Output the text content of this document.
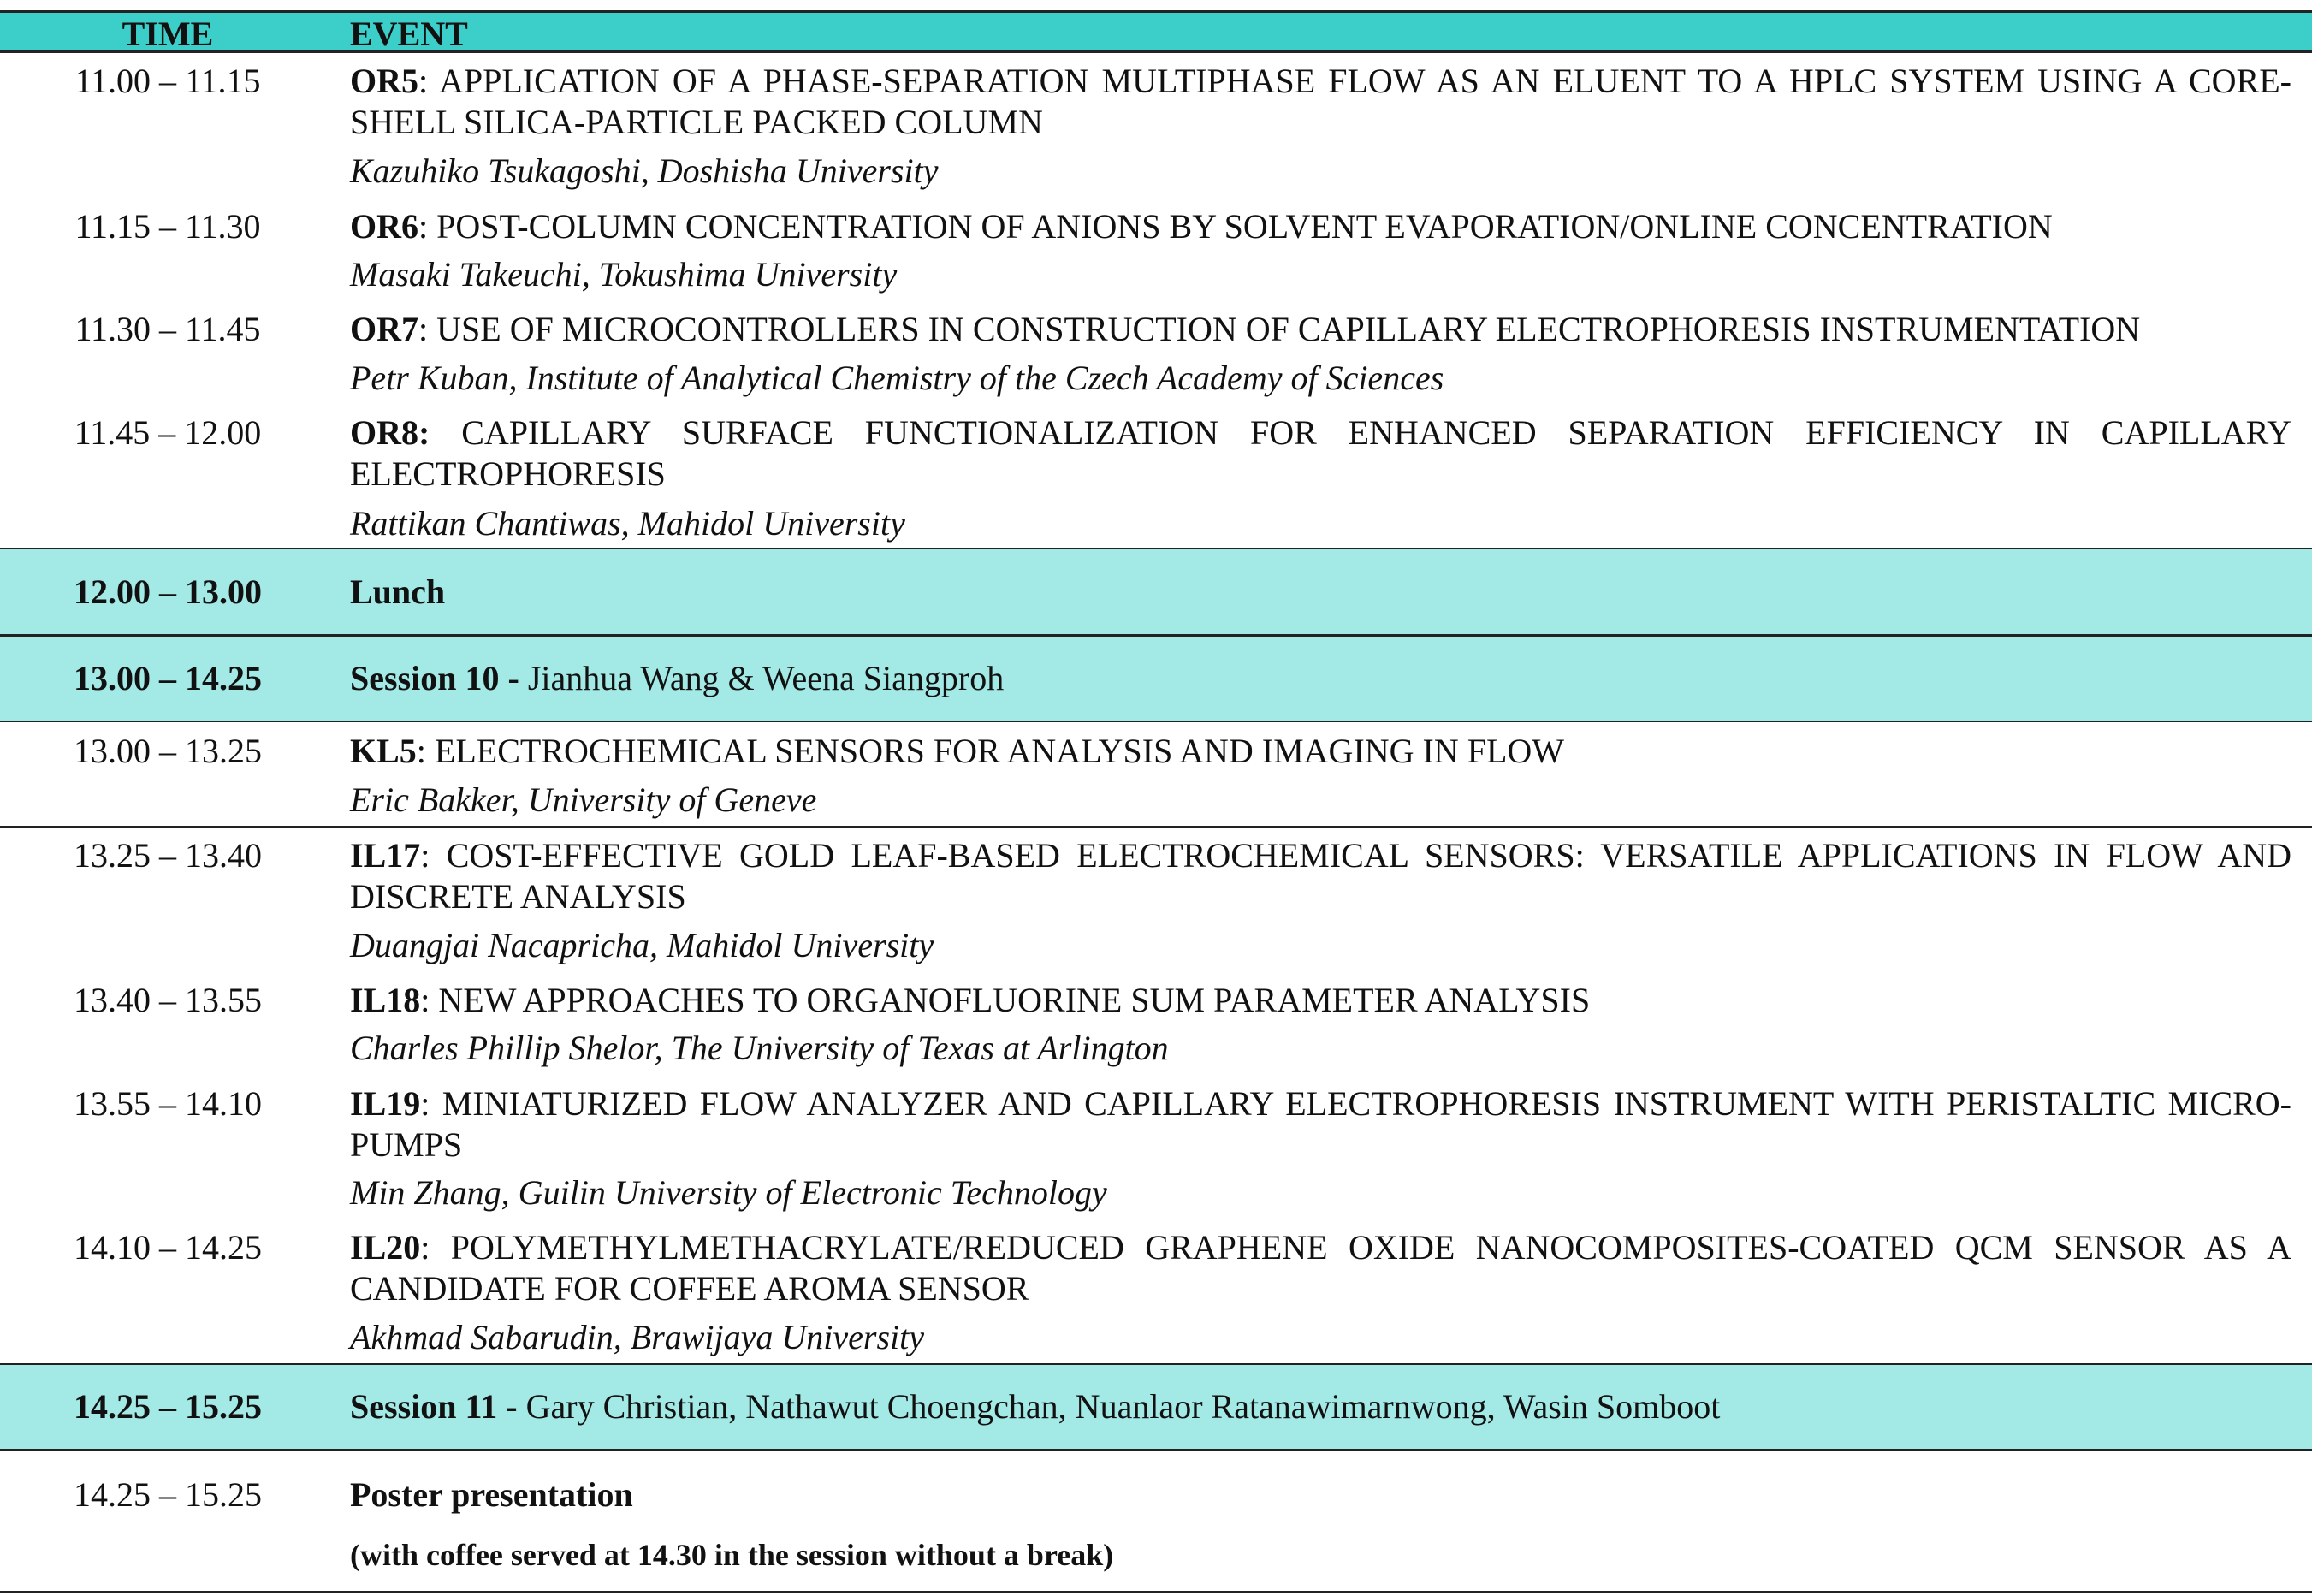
TIME	EVENT
11.00 – 11.15	OR5: APPLICATION OF A PHASE-SEPARATION MULTIPHASE FLOW AS AN ELUENT TO A HPLC SYSTEM USING A CORE-SHELL SILICA-PARTICLE PACKED COLUMN
Kazuhiko Tsukagoshi, Doshisha University
11.15 – 11.30	OR6: POST-COLUMN CONCENTRATION OF ANIONS BY SOLVENT EVAPORATION/ONLINE CONCENTRATION
Masaki Takeuchi, Tokushima University
11.30 – 11.45	OR7: USE OF MICROCONTROLLERS IN CONSTRUCTION OF CAPILLARY ELECTROPHORESIS INSTRUMENTATION
Petr Kuban, Institute of Analytical Chemistry of the Czech Academy of Sciences
11.45 – 12.00	OR8: CAPILLARY SURFACE FUNCTIONALIZATION FOR ENHANCED SEPARATION EFFICIENCY IN CAPILLARY ELECTROPHORESIS
Rattikan Chantiwas, Mahidol University
12.00 – 13.00	Lunch
13.00 – 14.25	Session 10 - Jianhua Wang & Weena Siangproh
13.00 – 13.25	KL5: ELECTROCHEMICAL SENSORS FOR ANALYSIS AND IMAGING IN FLOW
Eric Bakker, University of Geneve
13.25 – 13.40	IL17: COST-EFFECTIVE GOLD LEAF-BASED ELECTROCHEMICAL SENSORS: VERSATILE APPLICATIONS IN FLOW AND DISCRETE ANALYSIS
Duangjai Nacapricha, Mahidol University
13.40 – 13.55	IL18: NEW APPROACHES TO ORGANOFLUORINE SUM PARAMETER ANALYSIS
Charles Phillip Shelor, The University of Texas at Arlington
13.55 – 14.10	IL19: MINIATURIZED FLOW ANALYZER AND CAPILLARY ELECTROPHORESIS INSTRUMENT WITH PERISTALTIC MICRO-PUMPS
Min Zhang, Guilin University of Electronic Technology
14.10 – 14.25	IL20: POLYMETHYLMETHACRYLATE/REDUCED GRAPHENE OXIDE NANOCOMPOSITES-COATED QCM SENSOR AS A CANDIDATE FOR COFFEE AROMA SENSOR
Akhmad Sabarudin, Brawijaya University
14.25 – 15.25	Session 11 - Gary Christian, Nathawut Choengchan, Nuanlaor Ratanawimarnwong, Wasin Somboot
14.25 – 15.25	Poster presentation
(with coffee served at 14.30 in the session without a break)
